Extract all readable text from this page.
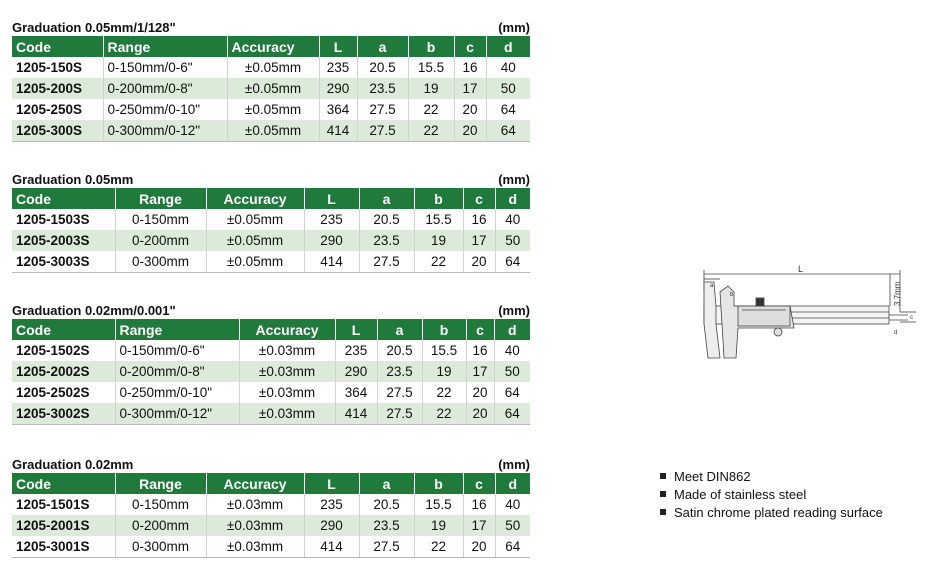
Graduation 0.05mm/1/128"	(mm)
Code	Range	Accuracy	L	a	b	c	d
1205-150S	0-150mm/0-6"	±0.05mm	235	20.5	15.5	16	40
1205-200S	0-200mm/0-8"	±0.05mm	290	23.5	19	17	50
1205-250S	0-250mm/0-10"	±0.05mm	364	27.5	22	20	64
1205-300S	0-300mm/0-12"	±0.05mm	414	27.5	22	20	64
Graduation 0.05mm	(mm)
Code	Range	Accuracy	L	a	b	c	d
1205-1503S	0-150mm	±0.05mm	235	20.5	15.5	16	40
1205-2003S	0-200mm	±0.05mm	290	23.5	19	17	50
1205-3003S	0-300mm	±0.05mm	414	27.5	22	20	64
Graduation 0.02mm/0.001"	(mm)
Code	Range	Accuracy	L	a	b	c	d
1205-1502S	0-150mm/0-6"	±0.03mm	235	20.5	15.5	16	40
1205-2002S	0-200mm/0-8"	±0.03mm	290	23.5	19	17	50
1205-2502S	0-250mm/0-10"	±0.03mm	364	27.5	22	20	64
1205-3002S	0-300mm/0-12"	±0.03mm	414	27.5	22	20	64
Graduation 0.02mm	(mm)
Code	Range	Accuracy	L	a	b	c	d
1205-1501S	0-150mm	±0.03mm	235	20.5	15.5	16	40
1205-2001S	0-200mm	±0.03mm	290	23.5	19	17	50
1205-3001S	0-300mm	±0.03mm	414	27.5	22	20	64
L
a
b
c
d
3.7mm
Meet DIN862
Made of stainless steel
Satin chrome plated reading surface
